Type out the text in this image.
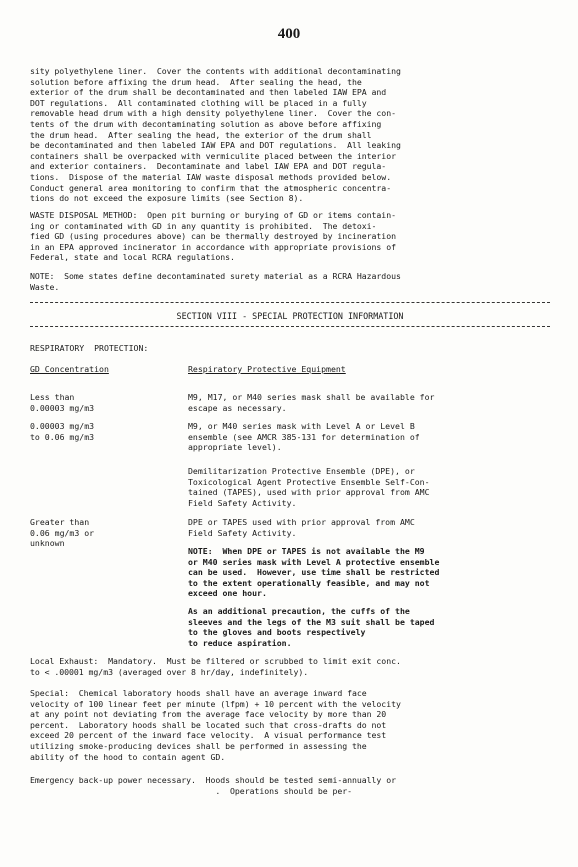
400
sity polyethylene liner.  Cover the contents with additional decontaminating
solution before affixing the drum head.  After sealing the head, the
exterior of the drum shall be decontaminated and then labeled IAW EPA and
DOT regulations.  All contaminated clothing will be placed in a fully
removable head drum with a high density polyethylene liner.  Cover the con-
tents of the drum with decontaminating solution as above before affixing
the drum head.  After sealing the head, the exterior of the drum shall
be decontaminated and then labeled IAW EPA and DOT regulations.  All leaking
containers shall be overpacked with vermiculite placed between the interior
and exterior containers.  Decontaminate and label IAW EPA and DOT regula-
tions.  Dispose of the material IAW waste disposal methods provided below.
Conduct general area monitoring to confirm that the atmospheric concentra-
tions do not exceed the exposure limits (see Section 8).
WASTE DISPOSAL METHOD:  Open pit burning or burying of GD or items contain-
ing or contaminated with GD in any quantity is prohibited.  The detoxi-
fied GD (using procedures above) can be thermally destroyed by incineration
in an EPA approved incinerator in accordance with appropriate provisions of
Federal, state and local RCRA regulations.
NOTE:  Some states define decontaminated surety material as a RCRA Hazardous
Waste.
SECTION VIII - SPECIAL PROTECTION INFORMATION
RESPIRATORY  PROTECTION:
GD Concentration	Respiratory Protective Equipment
Less than
0.00003 mg/m3
M9, M17, or M40 series mask shall be available for
escape as necessary.
0.00003 mg/m3
to 0.06 mg/m3
M9, or M40 series mask with Level A or Level B
ensemble (see AMCR 385-131 for determination of
appropriate level).
Demilitarization Protective Ensemble (DPE), or
Toxicological Agent Protective Ensemble Self-Con-
tained (TAPES), used with prior approval from AMC
Field Safety Activity.
Greater than
0.06 mg/m3 or
unknown
DPE or TAPES used with prior approval from AMC
Field Safety Activity.
NOTE:  When DPE or TAPES is not available the M9
or M40 series mask with Level A protective ensemble
can be used.  However, use time shall be restricted
to the extent operationally feasible, and may not
exceed one hour.
As an additional precaution, the cuffs of the
sleeves and the legs of the M3 suit shall be taped
to the gloves and boots respectively
to reduce aspiration.
Local Exhaust:  Mandatory.  Must be filtered or scrubbed to limit exit conc.
to < .00001 mg/m3 (averaged over 8 hr/day, indefinitely).
Special:  Chemical laboratory hoods shall have an average inward face
velocity of 100 linear feet per minute (lfpm) + 10 percent with the velocity
at any point not deviating from the average face velocity by more than 20
percent.  Laboratory hoods shall be located such that cross-drafts do not
exceed 20 percent of the inward face velocity.  A visual performance test
utilizing smoke-producing devices shall be performed in assessing the
ability of the hood to contain agent GD.
Emergency back-up power necessary.  Hoods should be tested semi-annually or
.  Operations should be per-
